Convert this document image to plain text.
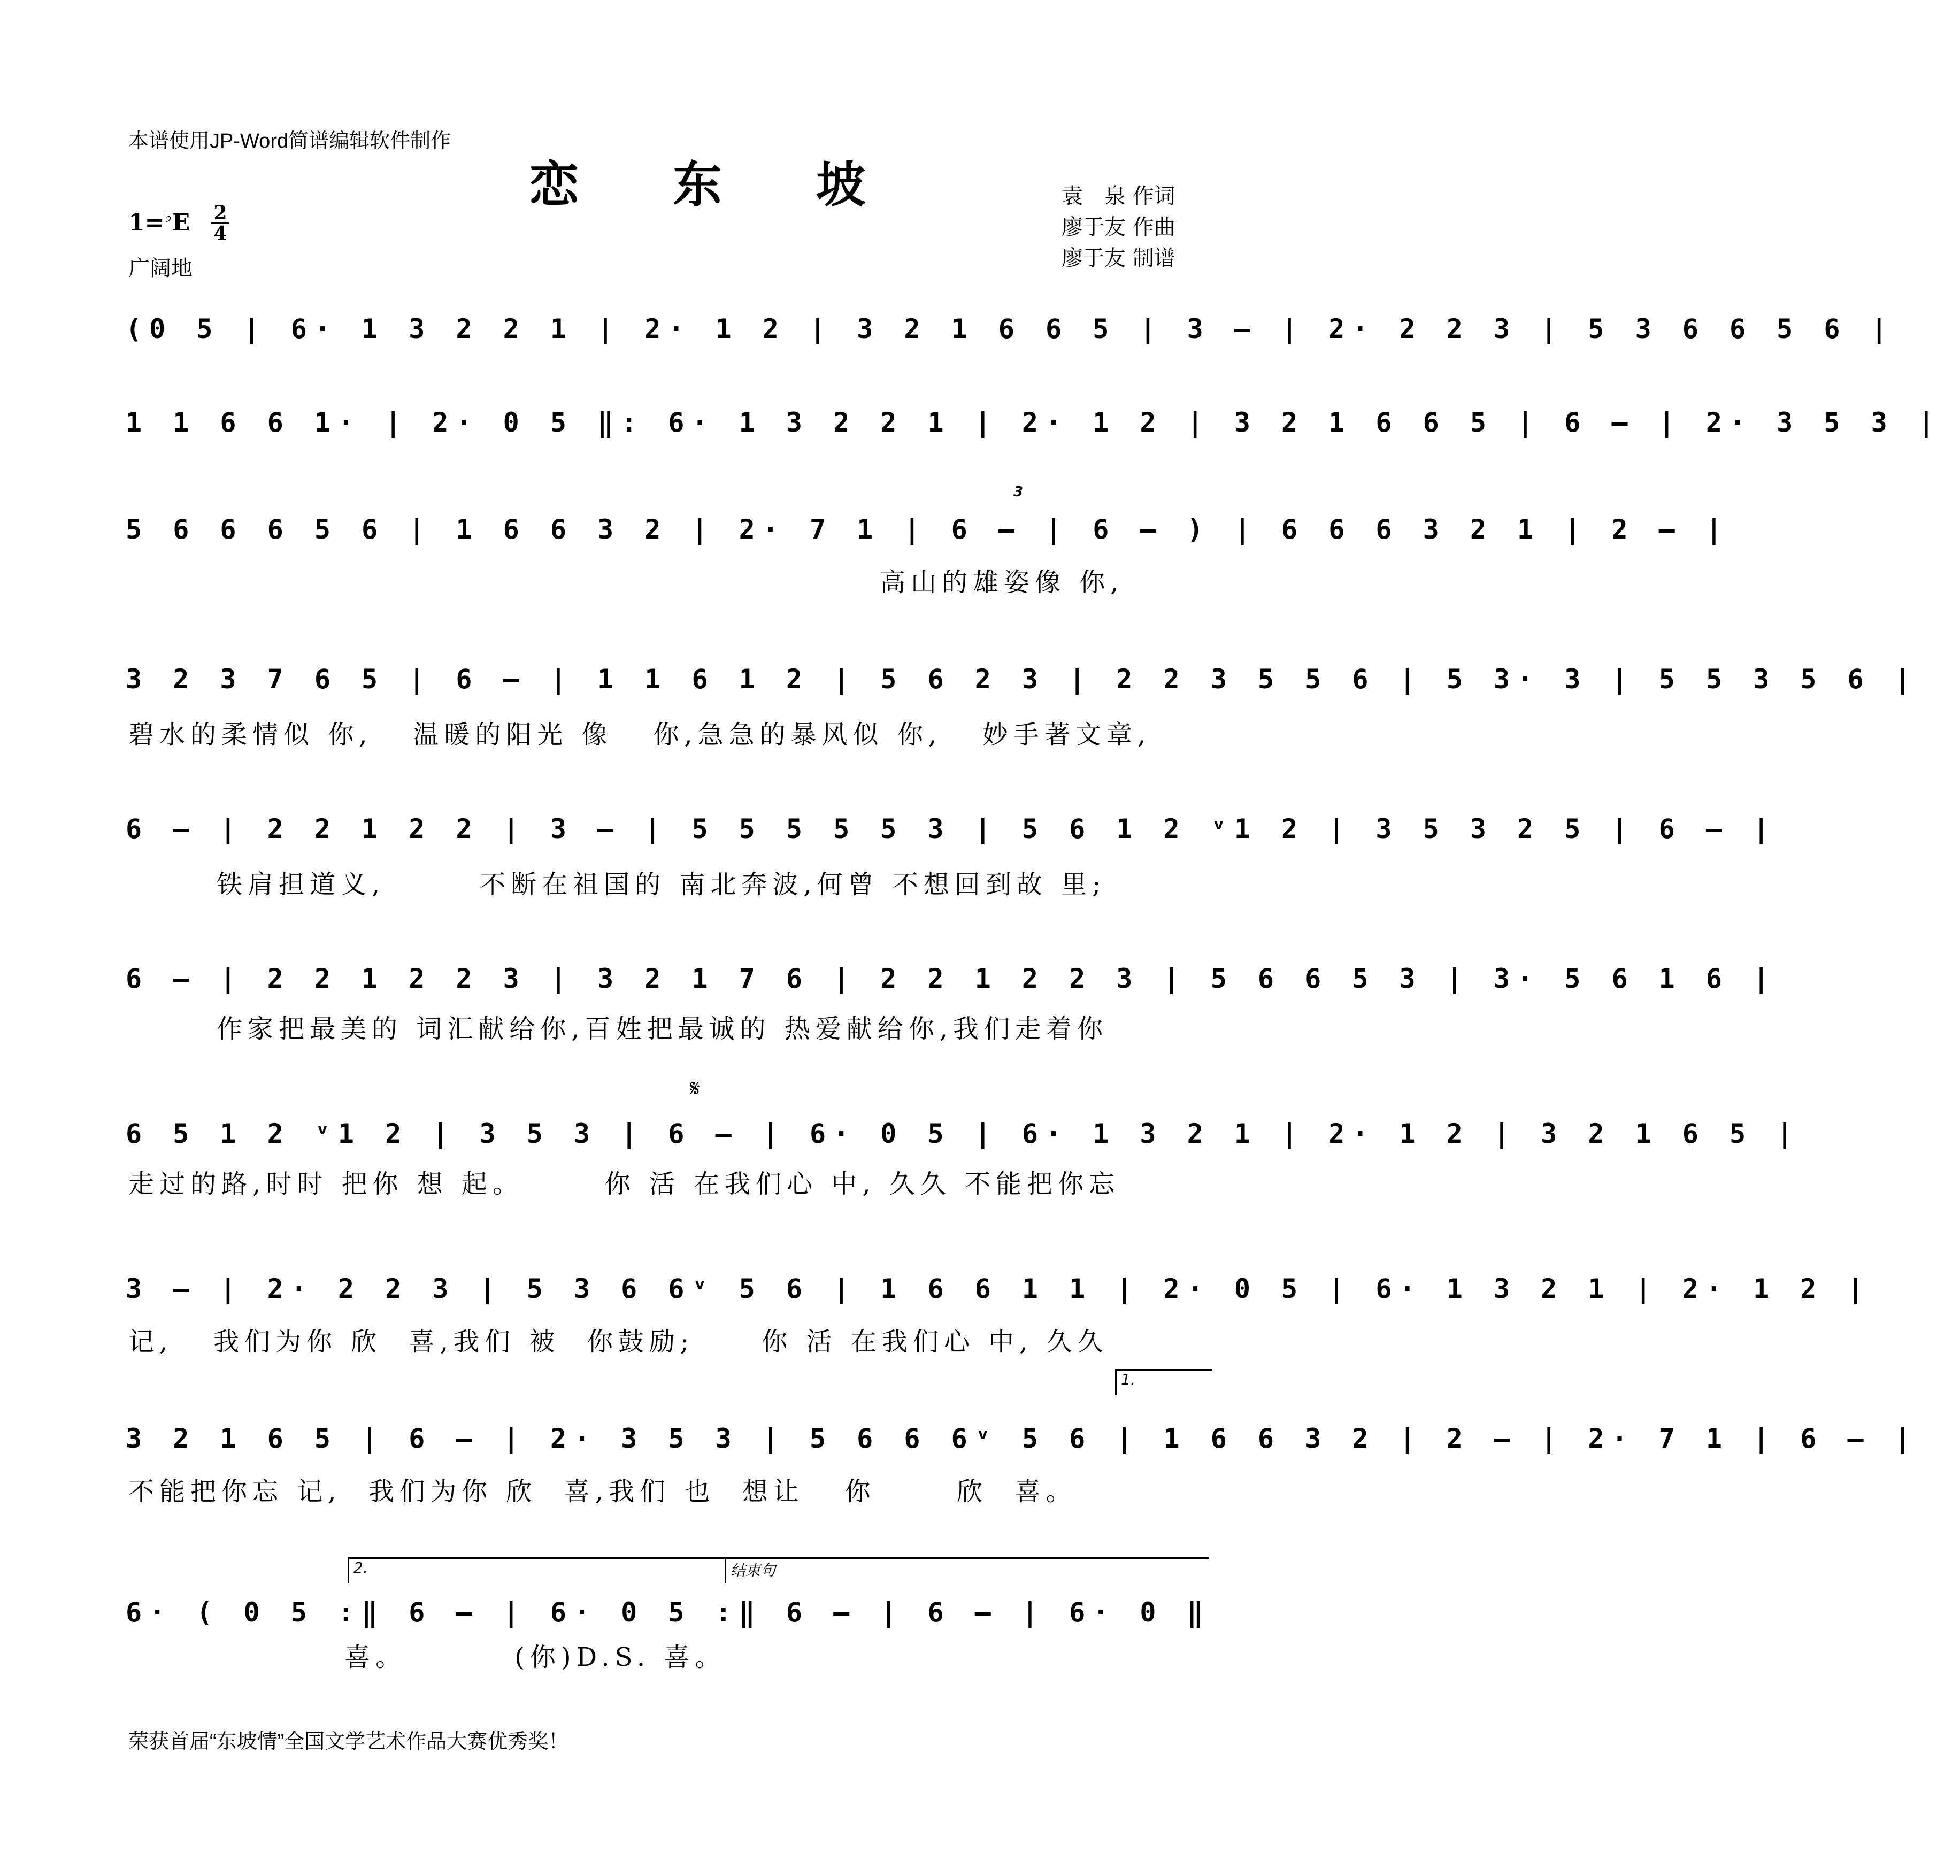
本谱使用JP-Word简谱编辑软件制作
恋 东 坡	袁　泉 作词
廖于友 作曲
廖于友 制谱
$1=^♭E \frac{2}{4}$
广阔地
(0 5 | 6· 1 3 2 2 1 | 2· 1 2 | 3 2 1 6 6 5 | 3 – | 2· 2 2 3 | 5 3 6 6 5 6 |
1 1 6 6 1· | 2· 0 5 ‖: 6· 1 3 2 2 1 | 2· 1 2 | 3 2 1 6 6 5 | 6 – | 2· 3 5 3 |
3
5 6 6 6 5 6 | 1 6 6 3 2 | 2· 7 1 | 6 – | 6 – ) | 6 6 6 3 2 1 | 2 – |
高山的雄姿像 你,
3 2 3 7 6 5 | 6 – | 1 1 6 1 2 | 5 6 2 3 | 2 2 3 5 5 6 | 5 3· 3 | 5 5 3 5 6 |
碧水的柔情似 你,   温暖的阳光 像   你,急急的暴风似 你,   妙手著文章,
6 – | 2 2 1 2 2 | 3 – | 5 5 5 5 5 3 | 5 6 1 2 ᵛ1 2 | 3 5 3 2 5 | 6 – |
铁肩担道义,       不断在祖国的 南北奔波,何曾 不想回到故 里;
6 – | 2 2 1 2 2 3 | 3 2 1 7 6 | 2 2 1 2 2 3 | 5 6 6 5 3 | 3· 5 6 1 6 |
作家把最美的 词汇献给你,百姓把最诚的 热爱献给你,我们走着你
𝄋
6 5 1 2 ᵛ1 2 | 3 5 3 | 6 – | 6· 0 5 | 6· 1 3 2 1 | 2· 1 2 | 3 2 1 6 5 |
走过的路,时时 把你 想 起。      你 活 在我们心 中, 久久 不能把你忘
3 – | 2· 2 2 3 | 5 3 6 6ᵛ 5 6 | 1 6 6 1 1 | 2· 0 5 | 6· 1 3 2 1 | 2· 1 2 |
记,   我们为你 欣  喜,我们 被  你鼓励;     你 活 在我们心 中, 久久
1.
3 2 1 6 5 | 6 – | 2· 3 5 3 | 5 6 6 6ᵛ 5 6 | 1 6 6 3 2 | 2 – | 2· 7 1 | 6 – |
不能把你忘 记,  我们为你 欣  喜,我们 也  想让   你      欣  喜。
2.	结束句
6· ( 0 5 :‖ 6 – | 6· 0 5 :‖ 6 – | 6 – | 6· 0 ‖
喜。        (你)D.S. 喜。
荣获首届“东坡情”全国文学艺术作品大赛优秀奖！
